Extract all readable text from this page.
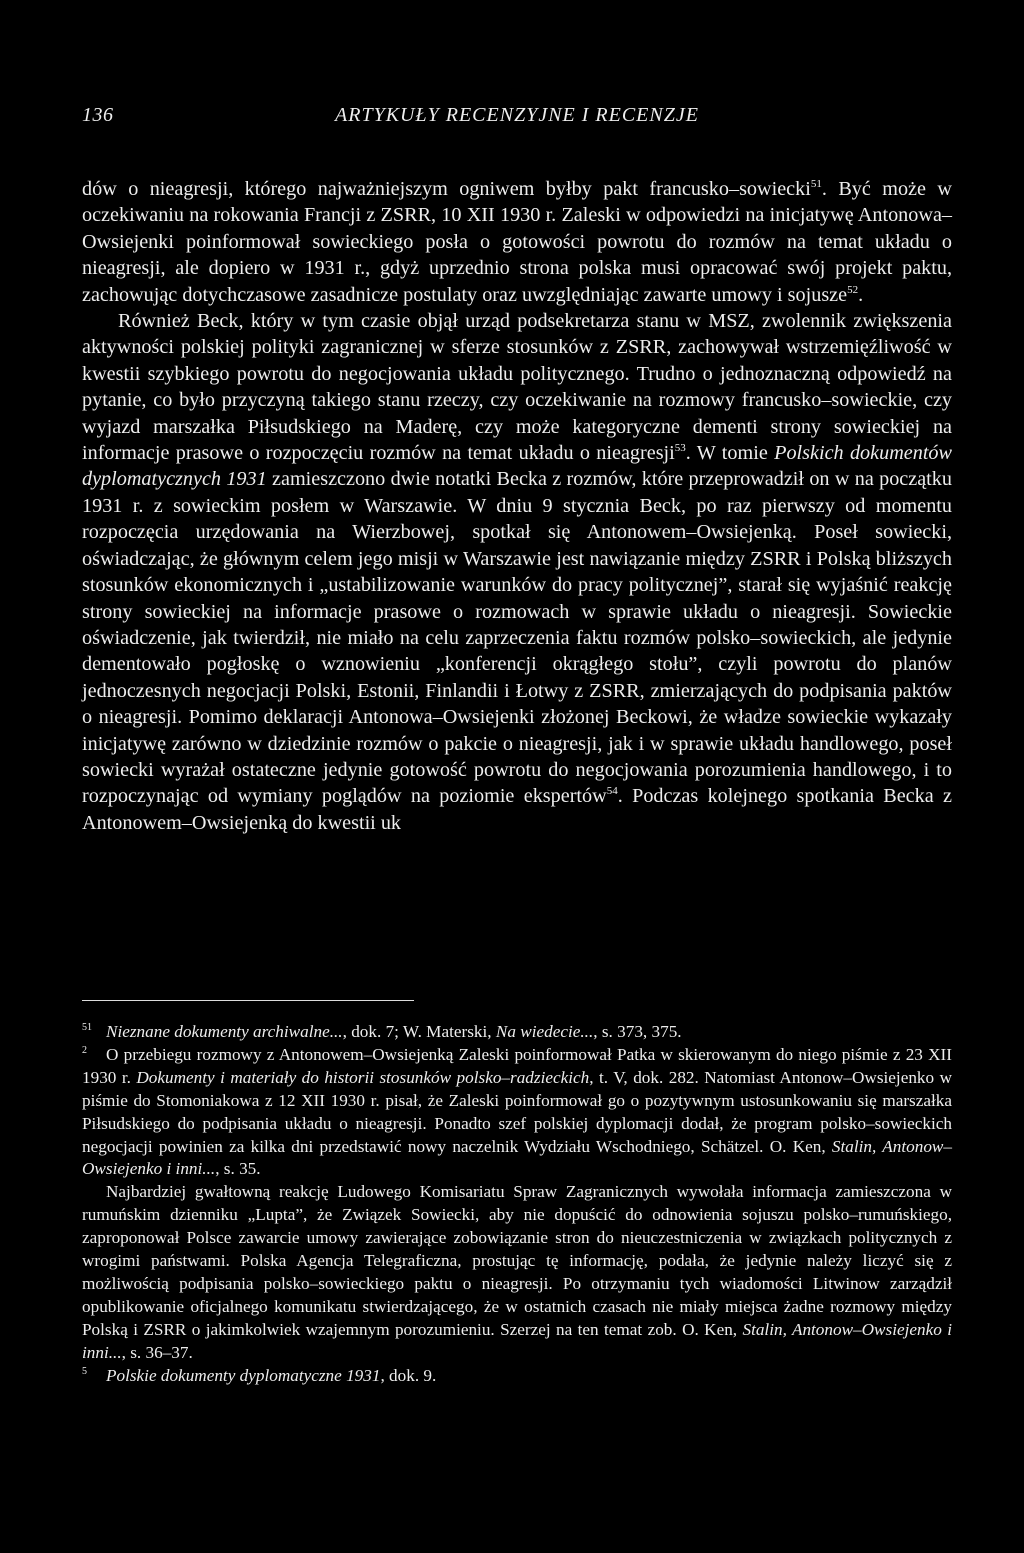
136	ARTYKUŁY RECENZYJNE I RECENZJE

dów o nieagresji, którego najważniejszym ogniwem byłby pakt francusko–sowiecki$^{51}$. Być może w oczekiwaniu na rokowania Francji z ZSRR, 10 XII 1930 r. Zaleski w odpowiedzi na inicjatywę Antonowa–Owsiejenki poinformował sowieckiego posła o gotowości powrotu do rozmów na temat układu o nieagresji, ale dopiero w 1931 r., gdyż uprzednio strona polska musi opracować swój projekt paktu, zachowując dotychczasowe zasadnicze postulaty oraz uwzględniając zawarte umowy i sojusze$^{52}$.

Również Beck, który w tym czasie objął urząd podsekretarza stanu w MSZ, zwolennik zwiększenia aktywności polskiej polityki zagranicznej w sferze stosunków z ZSRR, zachowywał wstrzemięźliwość w kwestii szybkiego powrotu do negocjowania układu politycznego. Trudno o jednoznaczną odpowiedź na pytanie, co było przyczyną takiego stanu rzeczy, czy oczekiwanie na rozmowy francusko–sowieckie, czy wyjazd marszałka Piłsudskiego na Maderę, czy może kategoryczne dementi strony sowieckiej na informacje prasowe o rozpoczęciu rozmów na temat układu o nieagresji$^{53}$. W tomie Polskich dokumentów dyplomatycznych 1931 zamieszczono dwie notatki Becka z rozmów, które przeprowadził on w na początku 1931 r. z sowieckim posłem w Warszawie. W dniu 9 stycznia Beck, po raz pierwszy od momentu rozpoczęcia urzędowania na Wierzbowej, spotkał się Antonowem–Owsiejenką. Poseł sowiecki, oświadczając, że głównym celem jego misji w Warszawie jest nawiązanie między ZSRR i Polską bliższych stosunków ekonomicznych i „ustabilizowanie warunków do pracy politycznej”, starał się wyjaśnić reakcję strony sowieckiej na informacje prasowe o rozmowach w sprawie układu o nieagresji. Sowieckie oświadczenie, jak twierdził, nie miało na celu zaprzeczenia faktu rozmów polsko–sowieckich, ale jedynie dementowało pogłoskę o wznowieniu „konferencji okrągłego stołu”, czyli powrotu do planów jednoczesnych negocjacji Polski, Estonii, Finlandii i Łotwy z ZSRR, zmierzających do podpisania paktów o nieagresji. Pomimo deklaracji Antonowa–Owsiejenki złożonej Beckowi, że władze sowieckie wykazały inicjatywę zarówno w dziedzinie rozmów o pakcie o nieagresji, jak i w sprawie układu handlowego, poseł sowiecki wyrażał ostateczne jedynie gotowość powrotu do negocjowania porozumienia handlowego, i to rozpoczynając od wymiany poglądów na poziomie ekspertów$^{54}$. Podczas kolejnego spotkania Becka z Antonowem–Owsiejenką do kwestii uk

51 Nieznane dokumenty archiwalne..., dok. 7; W. Materski, Na wiedecie..., s. 373, 375.

2 O przebiegu rozmowy z Antonowem–Owsiejenką Zaleski poinformował Patka w skierowanym do niego piśmie z 23 XII 1930 r. Dokumenty i materiały do historii stosunków polsko–radzieckich, t. V, dok. 282. Natomiast Antonow–Owsiejenko w piśmie do Stomoniakowa z 12 XII 1930 r. pisał, że Zaleski poinformował go o pozytywnym ustosunkowaniu się marszałka Piłsudskiego do podpisania układu o nieagresji. Ponadto szef polskiej dyplomacji dodał, że program polsko–sowieckich negocjacji powinien za kilka dni przedstawić nowy naczelnik Wydziału Wschodniego, Schätzel. O. Ken, Stalin, Antonow–Owsiejenko i inni..., s. 35.

Najbardziej gwałtowną reakcję Ludowego Komisariatu Spraw Zagranicznych wywołała informacja zamieszczona w rumuńskim dzienniku „Lupta”, że Związek Sowiecki, aby nie dopuścić do odnowienia sojuszu polsko–rumuńskiego, zaproponował Polsce zawarcie umowy zawierające zobowiązanie stron do nieuczestniczenia w związkach politycznych z wrogimi państwami. Polska Agencja Telegraficzna, prostując tę informację, podała, że jedynie należy liczyć się z możliwością podpisania polsko–sowieckiego paktu o nieagresji. Po otrzymaniu tych wiadomości Litwinow zarządził opublikowanie oficjalnego komunikatu stwierdzającego, że w ostatnich czasach nie miały miejsca żadne rozmowy między Polską i ZSRR o jakimkolwiek wzajemnym porozumieniu. Szerzej na ten temat zob. O. Ken, Stalin, Antonow–Owsiejenko i inni..., s. 36–37.

5 Polskie dokumenty dyplomatyczne 1931, dok. 9.
